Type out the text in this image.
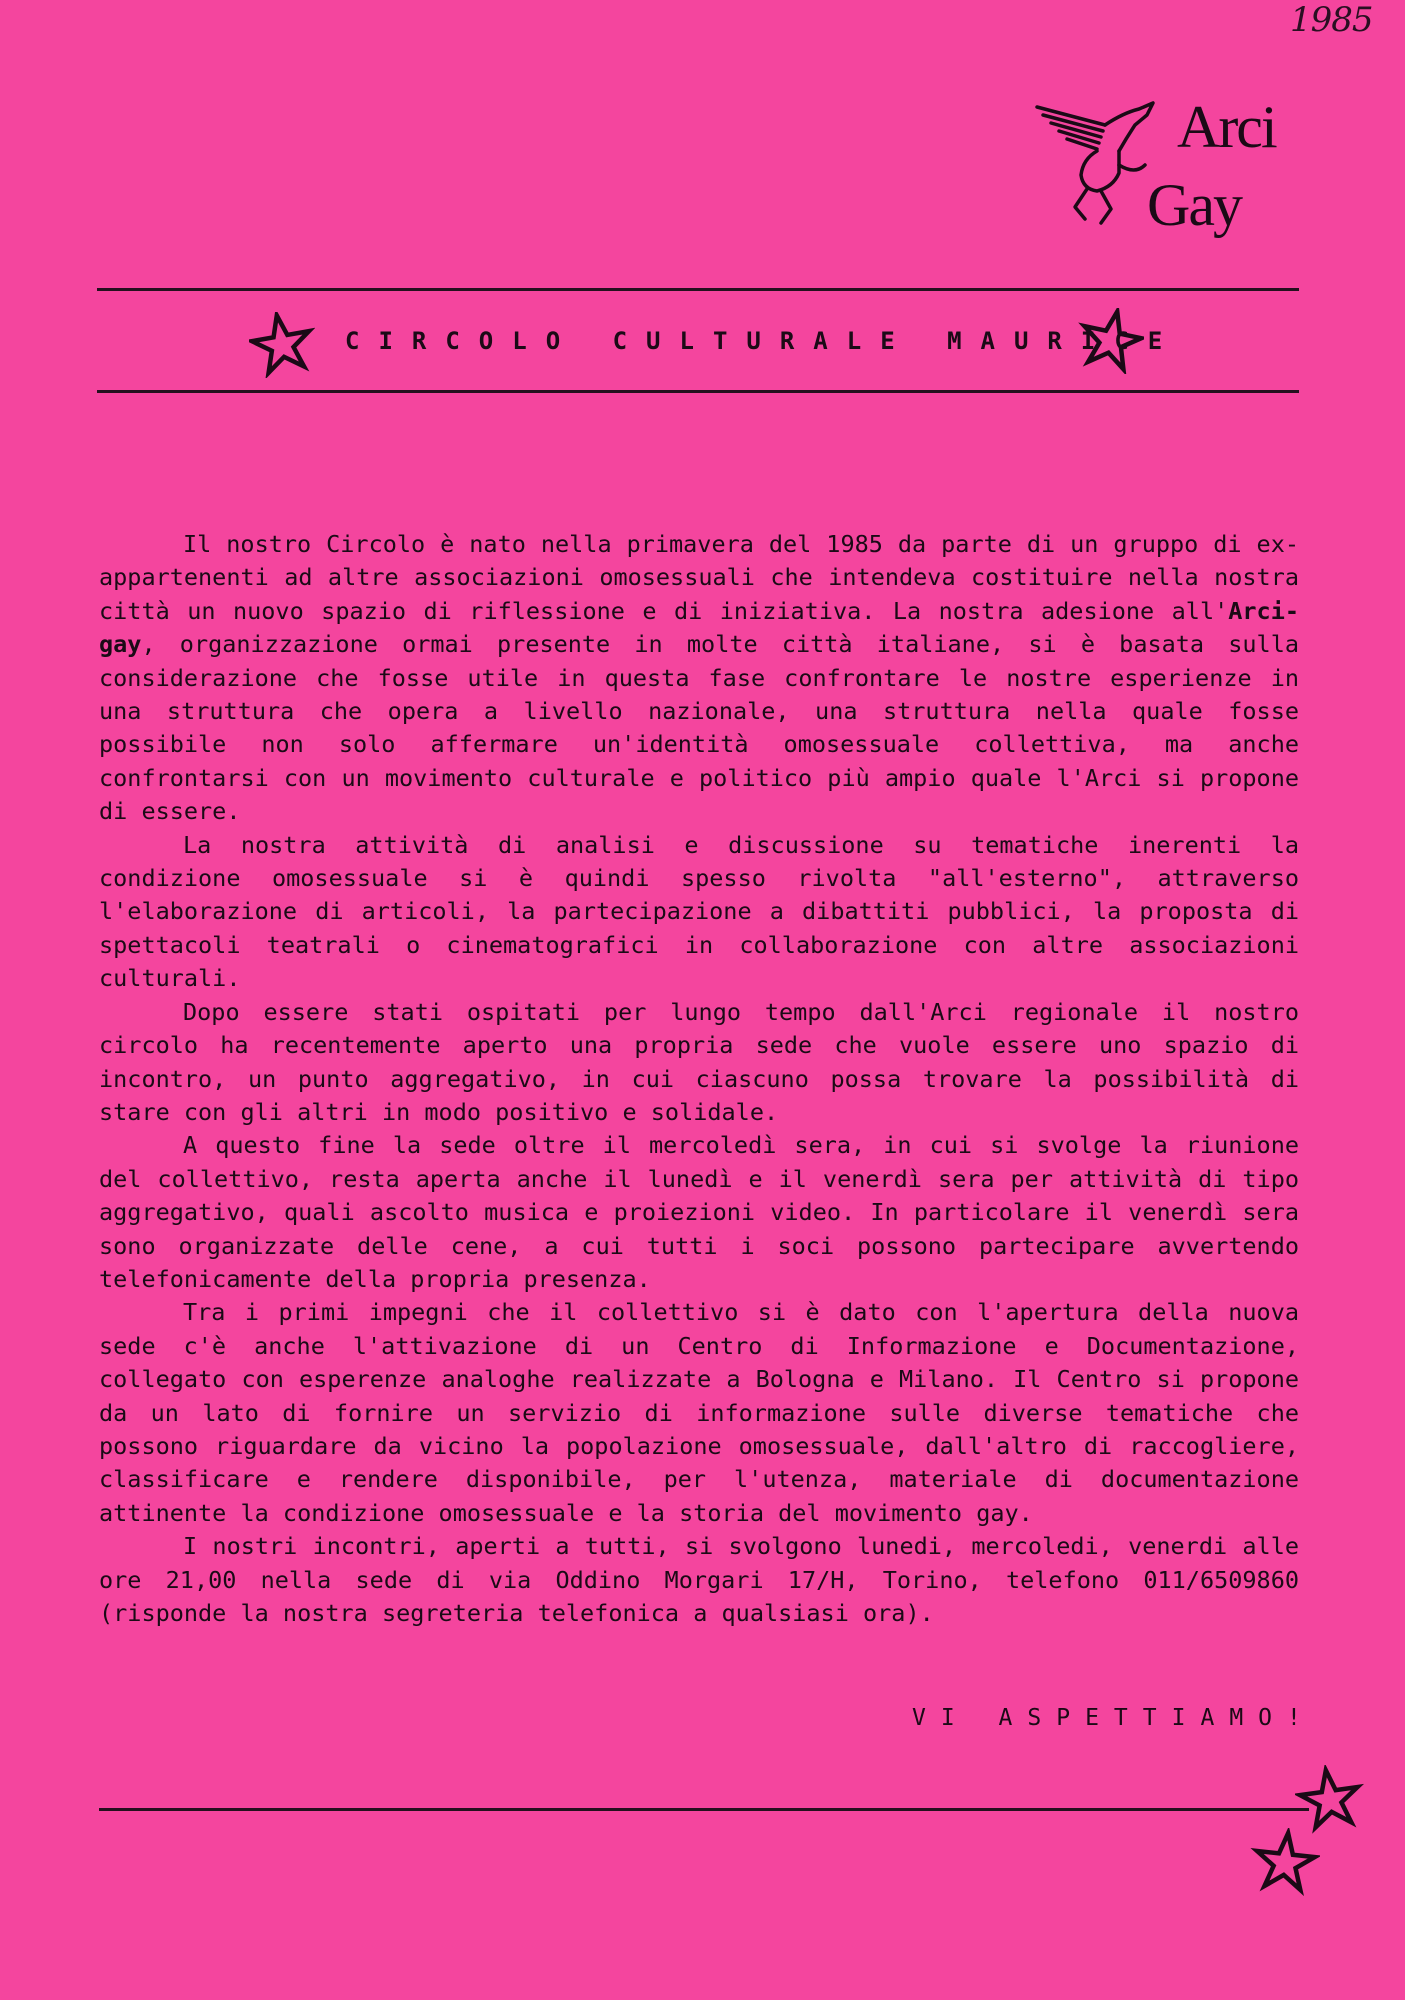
1985
Arci
Gay
CIRCOLO CULTURALE MAURICE

Il nostro Circolo è nato nella primavera del 1985 da parte di un gruppo di ex-appartenenti ad altre associazioni omosessuali che intendeva costituire nella nostra città un nuovo spazio di riflessione e di iniziativa. La nostra adesione all'Arci-gay, organizzazione ormai presente in molte città italiane, si è basata sulla considerazione che fosse utile in questa fase confrontare le nostre esperienze in una struttura che opera a livello nazionale, una struttura nella quale fosse possibile non solo affermare un'identità omosessuale collettiva, ma anche confrontarsi con un movimento culturale e politico più ampio quale l'Arci si propone di essere.

La nostra attività di analisi e discussione su tematiche inerenti la condizione omosessuale si è quindi spesso rivolta "all'esterno", attraverso l'elaborazione di articoli, la partecipazione a dibattiti pubblici, la proposta di spettacoli teatrali o cinematografici in collaborazione con altre associazioni culturali.

Dopo essere stati ospitati per lungo tempo dall'Arci regionale il nostro circolo ha recentemente aperto una propria sede che vuole essere uno spazio di incontro, un punto aggregativo, in cui ciascuno possa trovare la possibilità di stare con gli altri in modo positivo e solidale.

A questo fine la sede oltre il mercoledì sera, in cui si svolge la riunione del collettivo, resta aperta anche il lunedì e il venerdì sera per attività di tipo aggregativo, quali ascolto musica e proiezioni video. In particolare il venerdì sera sono organizzate delle cene, a cui tutti i soci possono partecipare avvertendo telefonicamente della propria presenza.

Tra i primi impegni che il collettivo si è dato con l'apertura della nuova sede c'è anche l'attivazione di un Centro di Informazione e Documentazione, collegato con esperenze analoghe realizzate a Bologna e Milano. Il Centro si propone da un lato di fornire un servizio di informazione sulle diverse tematiche che possono riguardare da vicino la popolazione omosessuale, dall'altro di raccogliere, classificare e rendere disponibile, per l'utenza, materiale di documentazione attinente la condizione omosessuale e la storia del movimento gay.

I nostri incontri, aperti a tutti, si svolgono lunedi, mercoledi, venerdi alle ore 21,00 nella sede di via Oddino Morgari 17/H, Torino, telefono 011/6509860 (risponde la nostra segreteria telefonica a qualsiasi ora).

VI ASPETTIAMO!
